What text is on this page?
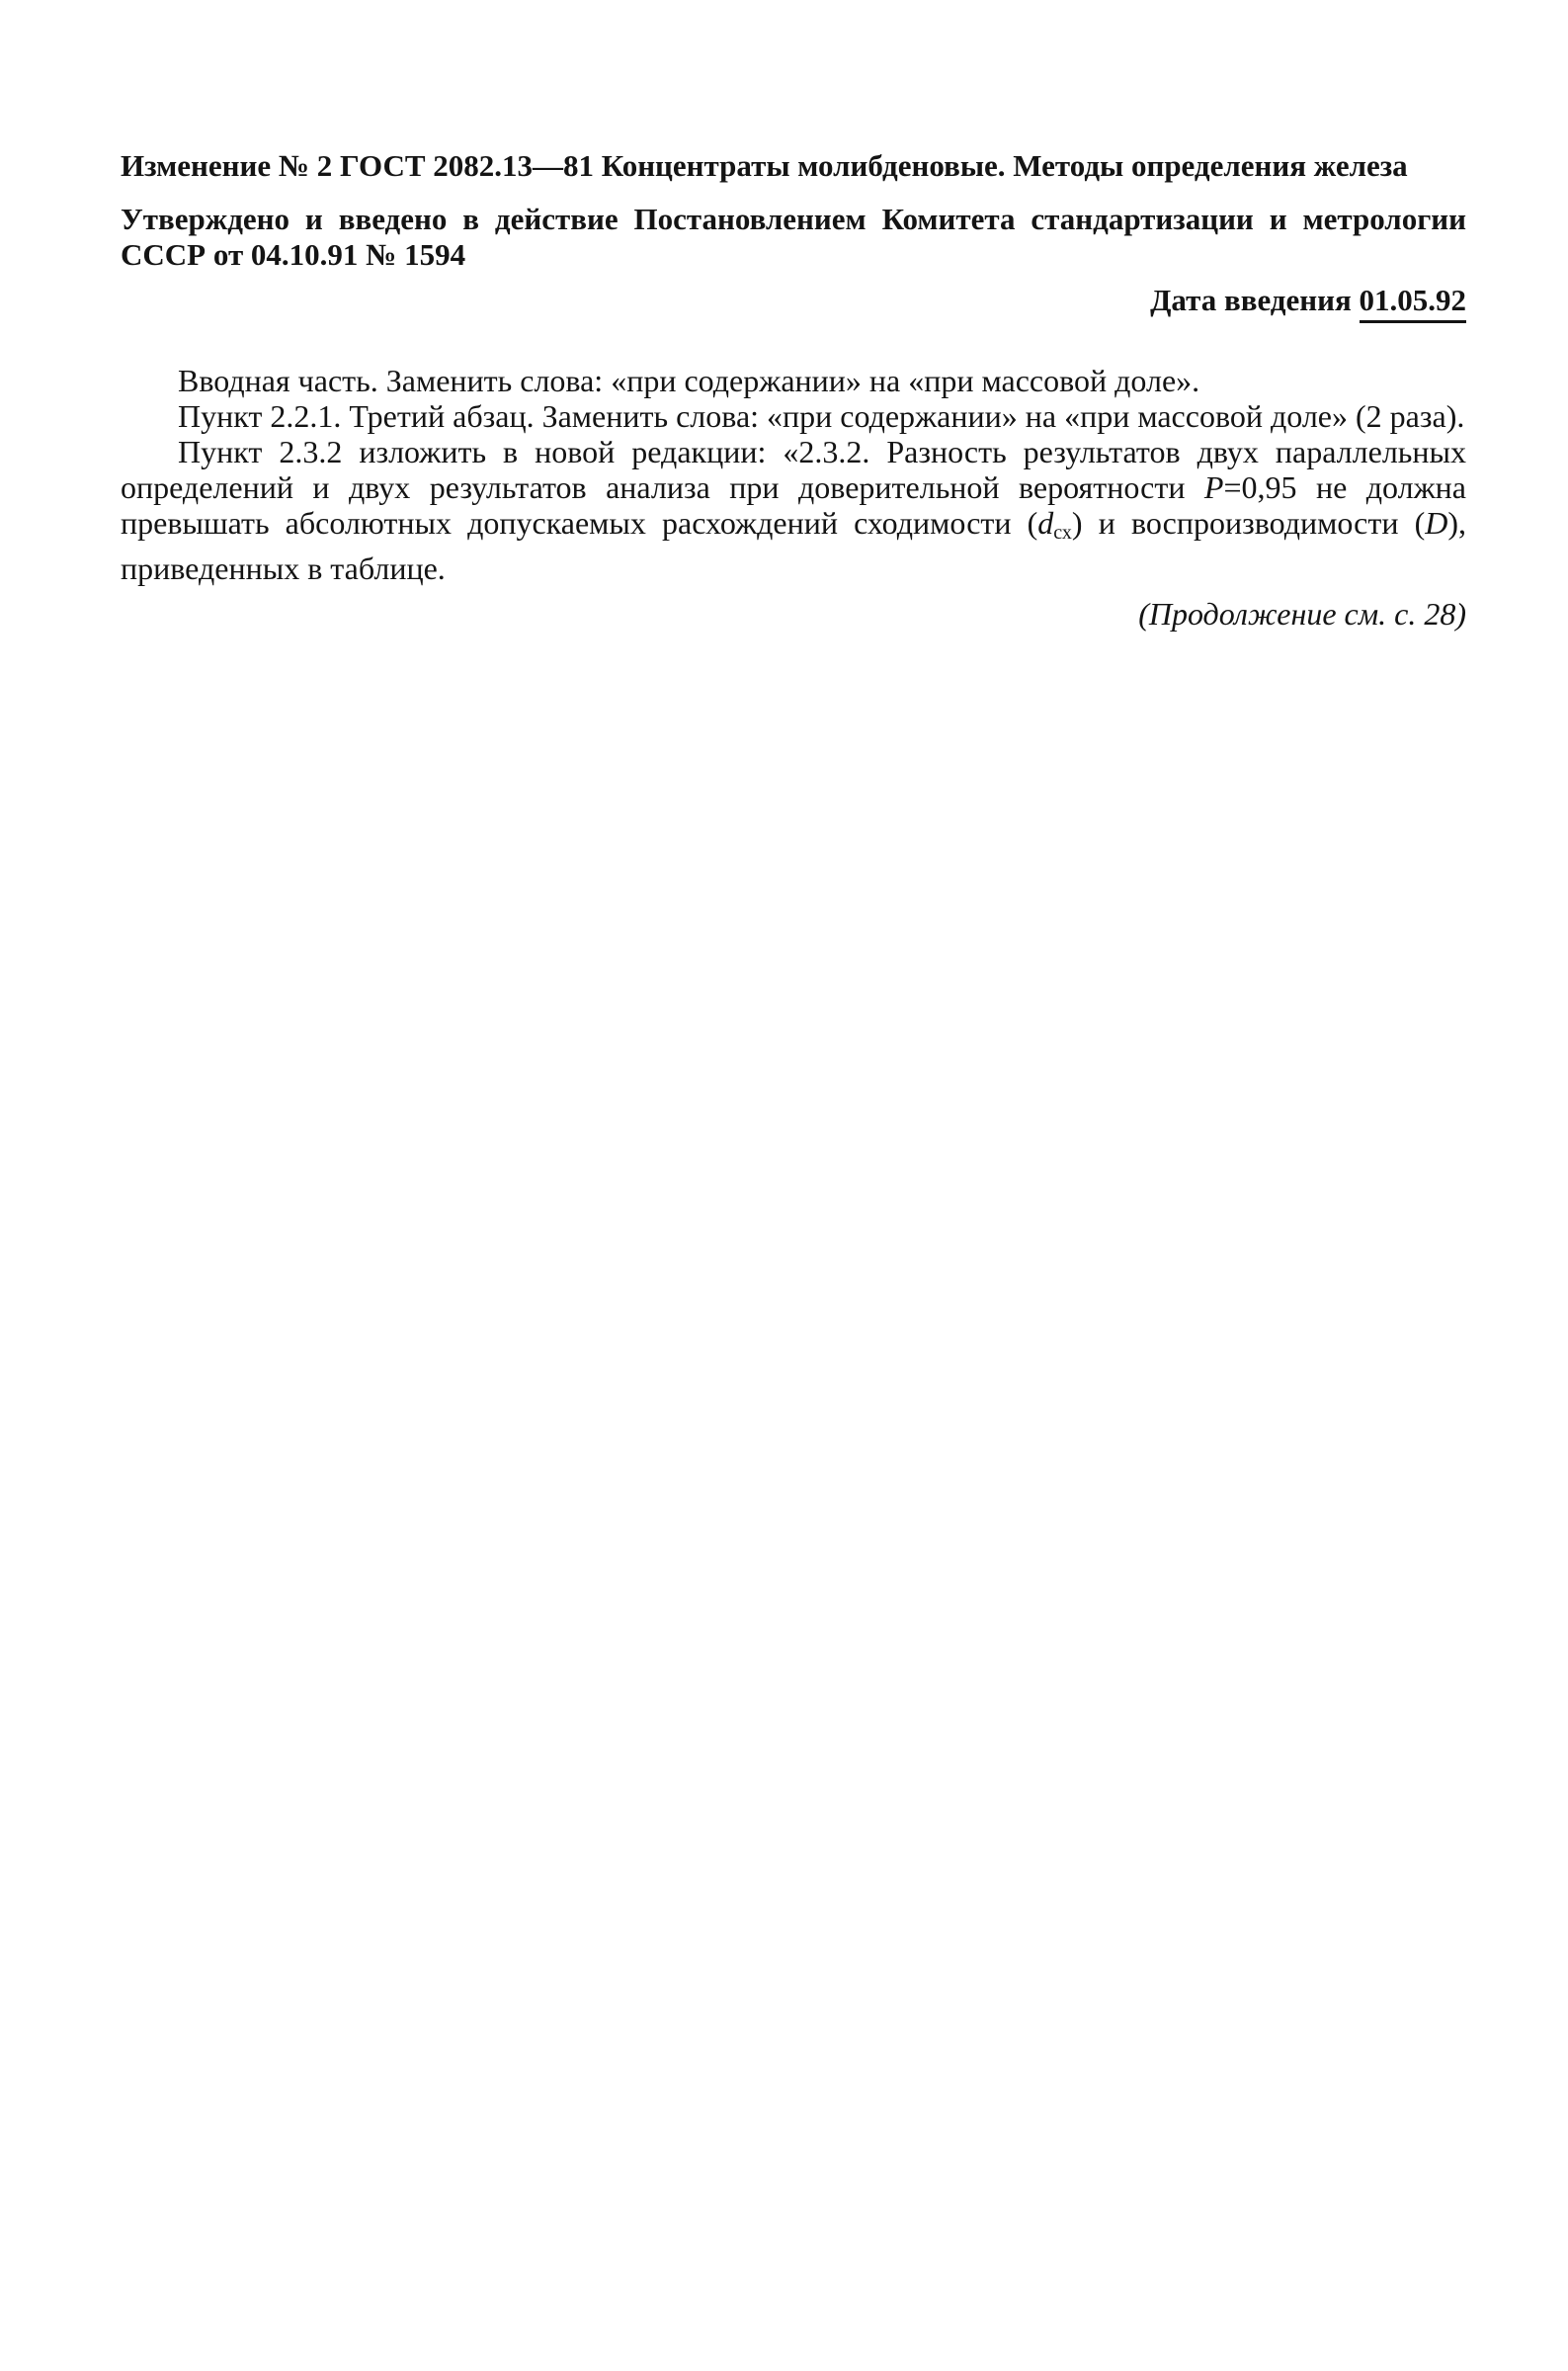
Изменение № 2 ГОСТ 2082.13—81 Концентраты молибденовые. Методы определения железа
Утверждено и введено в действие Постановлением Комитета стандартизации и метрологии СССР от 04.10.91 № 1594
Дата введения 01.05.92

Вводная часть. Заменить слова: «при содержании» на «при массовой доле».

Пункт 2.2.1. Третий абзац. Заменить слова: «при содержании» на «при массовой доле» (2 раза).

Пункт 2.3.2 изложить в новой редакции: «2.3.2. Разность результатов двух параллельных определений и двух результатов анализа при доверительной вероятности P=0,95 не должна превышать абсолютных допускаемых расхождений сходимости $(d_{сх})$ и воспроизводимости (D), приведенных в таблице.

(Продолжение см. с. 28)
